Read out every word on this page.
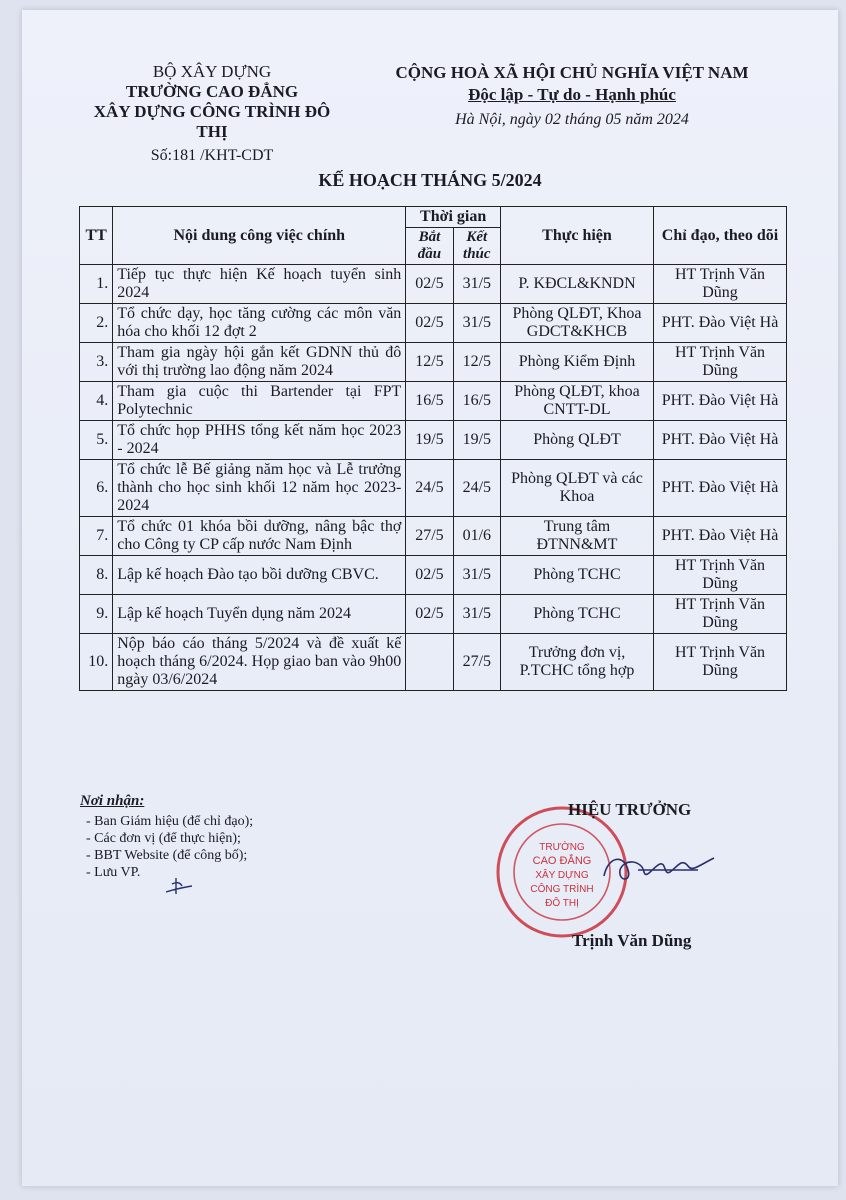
BỘ XÂY DỰNG
TRƯỜNG CAO ĐẲNG
XÂY DỰNG CÔNG TRÌNH ĐÔ THỊ
Số:181 /KHT-CDT
CỘNG HOÀ XÃ HỘI CHỦ NGHĨA VIỆT NAM
Độc lập - Tự do - Hạnh phúc
Hà Nội, ngày 02 tháng 05 năm 2024
KẾ HOẠCH THÁNG 5/2024
TT	Nội dung công việc chính	Thời gian		Thực hiện	Chỉ đạo, theo dõi
		Bắt đầu	Kết thúc		
1.	Tiếp tục thực hiện Kế hoạch tuyển sinh 2024	02/5	31/5	P. KĐCL&KNDN	HT Trịnh Văn Dũng
2.	Tổ chức dạy, học tăng cường các môn văn hóa cho khối 12 đợt 2	02/5	31/5	Phòng QLĐT, Khoa GDCT&KHCB	PHT. Đào Việt Hà
3.	Tham gia ngày hội gắn kết GDNN thủ đô với thị trường lao động năm 2024	12/5	12/5	Phòng Kiểm Định	HT Trịnh Văn Dũng
4.	Tham gia cuộc thi Bartender tại FPT Polytechnic	16/5	16/5	Phòng QLĐT, khoa CNTT-DL	PHT. Đào Việt Hà
5.	Tổ chức họp PHHS tổng kết năm học 2023 - 2024	19/5	19/5	Phòng QLĐT	PHT. Đào Việt Hà
6.	Tổ chức lễ Bế giảng năm học và Lễ trưởng thành cho học sinh khối 12 năm học 2023-2024	24/5	24/5	Phòng QLĐT và các Khoa	PHT. Đào Việt Hà
7.	Tổ chức 01 khóa bồi dưỡng, nâng bậc thợ cho Công ty CP cấp nước Nam Định	27/5	01/6	Trung tâm ĐTNN&MT	PHT. Đào Việt Hà
8.	Lập kế hoạch Đào tạo bồi dưỡng CBVC.	02/5	31/5	Phòng TCHC	HT Trịnh Văn Dũng
9.	Lập kế hoạch Tuyển dụng năm 2024	02/5	31/5	Phòng TCHC	HT Trịnh Văn Dũng
10.	Nộp báo cáo tháng 5/2024 và đề xuất kế hoạch tháng 6/2024. Họp giao ban vào 9h00 ngày 03/6/2024		27/5	Trưởng đơn vị, P.TCHC tổng hợp	HT Trịnh Văn Dũng
Nơi nhận:
- Ban Giám hiệu (để chỉ đạo);
- Các đơn vị (để thực hiện);
- BBT Website (để công bố);
- Lưu VP.
TRƯỜNG
CAO ĐẲNG
XÂY DỰNG
CÔNG TRÌNH
ĐÔ THỊ
HIỆU TRƯỞNG
Trịnh Văn Dũng
